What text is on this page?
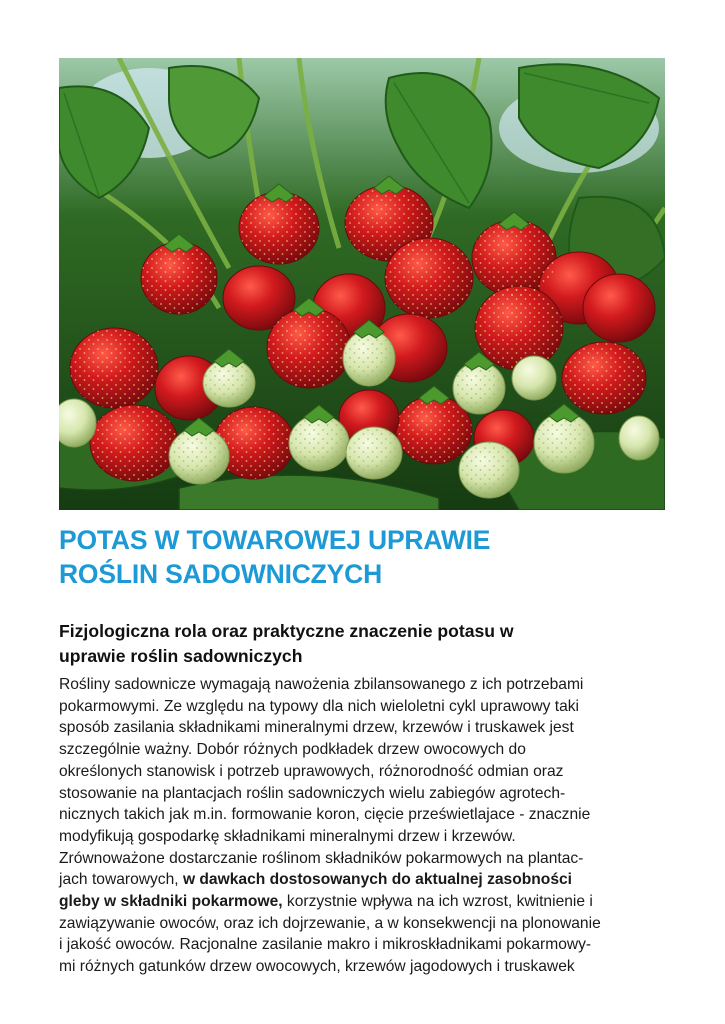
POTAS W TOWAROWEJ UPRAWIE
ROŚLIN SADOWNICZYCH
Fizjologiczna rola oraz praktyczne znaczenie potasu w
uprawie roślin sadowniczych
Rośliny sadownicze wymagają nawożenia zbilansowanego z ich potrzebami
pokarmowymi. Ze względu na typowy dla nich wieloletni cykl uprawowy taki
sposób zasilania składnikami mineralnymi drzew, krzewów i truskawek jest
szczególnie ważny. Dobór różnych podkładek drzew owocowych do
określonych stanowisk i potrzeb uprawowych, różnorodność odmian oraz
stosowanie na plantacjach roślin sadowniczych wielu zabiegów agrotech-
nicznych takich jak m.in. formowanie koron, cięcie prześwietlajace - znacznie
modyfikują gospodarkę składnikami mineralnymi drzew i krzewów.
Zrównoważone dostarczanie roślinom składników pokarmowych na plantac-
jach towarowych, w dawkach dostosowanych do aktualnej zasobności
gleby w składniki pokarmowe, korzystnie wpływa na ich wzrost, kwitnienie i
zawiązywanie owoców, oraz ich dojrzewanie, a w konsekwencji na plonowanie
i jakość owoców. Racjonalne zasilanie makro i mikroskładnikami pokarmowy-
mi różnych gatunków drzew owocowych, krzewów jagodowych i truskawek
